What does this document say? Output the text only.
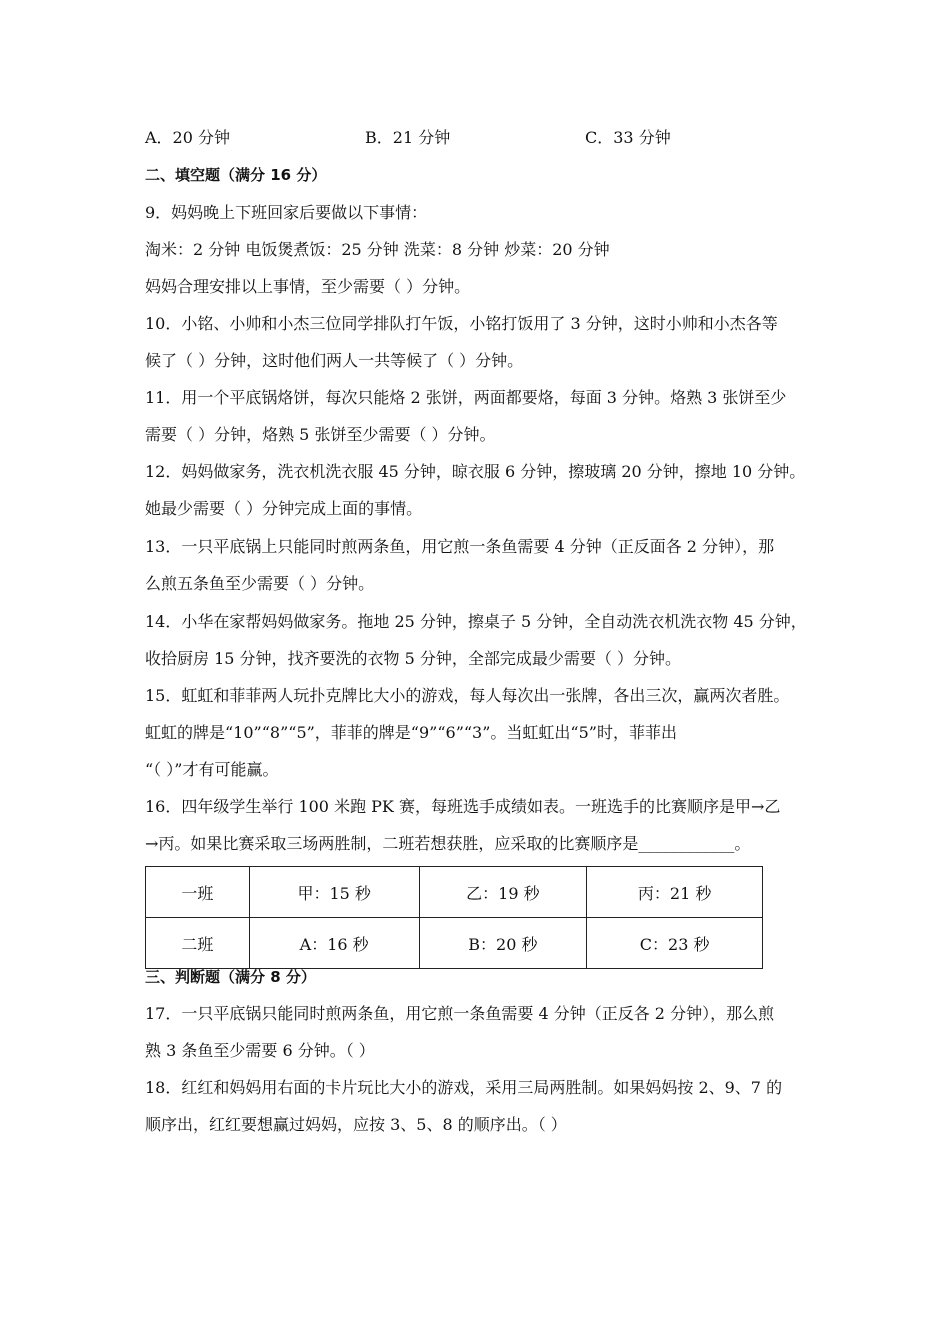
A．20 分钟	B．21 分钟	C．33 分钟
二、填空题（满分 16 分）
9．妈妈晚上下班回家后要做以下事情：
淘米：2 分钟 电饭煲煮饭：25 分钟 洗菜：8 分钟 炒菜：20 分钟
妈妈合理安排以上事情，至少需要（ ）分钟。
10．小铭、小帅和小杰三位同学排队打午饭，小铭打饭用了 3 分钟，这时小帅和小杰各等
候了（ ）分钟，这时他们两人一共等候了（ ）分钟。
11．用一个平底锅烙饼，每次只能烙 2 张饼，两面都要烙，每面 3 分钟。烙熟 3 张饼至少
需要（ ）分钟，烙熟 5 张饼至少需要（ ）分钟。
12．妈妈做家务，洗衣机洗衣服 45 分钟，晾衣服 6 分钟，擦玻璃 20 分钟，擦地 10 分钟。
她最少需要（ ）分钟完成上面的事情。
13．一只平底锅上只能同时煎两条鱼，用它煎一条鱼需要 4 分钟（正反面各 2 分钟），那
么煎五条鱼至少需要（ ）分钟。
14．小华在家帮妈妈做家务。拖地 25 分钟，擦桌子 5 分钟，全自动洗衣机洗衣物 45 分钟，
收拾厨房 15 分钟，找齐要洗的衣物 5 分钟，全部完成最少需要（ ）分钟。
15．虹虹和菲菲两人玩扑克牌比大小的游戏，每人每次出一张牌，各出三次，赢两次者胜。
虹虹的牌是“10”“8”“5”，菲菲的牌是“9”“6”“3”。当虹虹出“5”时，菲菲出
“（ ）”才有可能赢。
16．四年级学生举行 100 米跑 PK 赛，每班选手成绩如表。一班选手的比赛顺序是甲→乙
→丙。如果比赛采取三场两胜制，二班若想获胜，应采取的比赛顺序是____________。
一班	甲：15 秒	乙：19 秒	丙：21 秒
二班	A：16 秒	B：20 秒	C：23 秒
三、判断题（满分 8 分）
17．一只平底锅只能同时煎两条鱼，用它煎一条鱼需要 4 分钟（正反各 2 分钟），那么煎
熟 3 条鱼至少需要 6 分钟。（ ）
18．红红和妈妈用右面的卡片玩比大小的游戏，采用三局两胜制。如果妈妈按 2、9、7 的
顺序出，红红要想赢过妈妈，应按 3、5、8 的顺序出。（ ）
